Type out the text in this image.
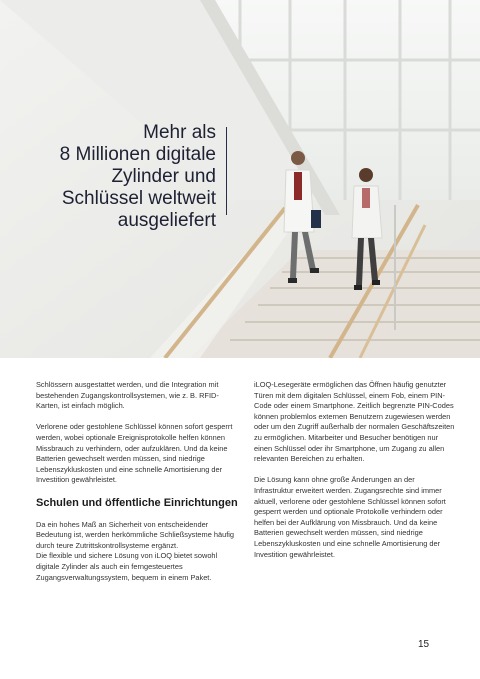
Mehr als
8 Millionen digitale
Zylinder und
Schlüssel weltweit
ausgeliefert

Schlössern ausgestattet werden, und die Integration mit bestehenden Zugangskontrollsystemen, wie z. B. RFID-Karten, ist einfach möglich.

Verlorene oder gestohlene Schlüssel können sofort gesperrt werden, wobei optionale Ereignisprotokolle helfen können Missbrauch zu verhindern, oder aufzuklären. Und da keine Batterien gewechselt werden müssen, sind niedrige Lebenszykluskosten und eine schnelle Amortisierung der Investition gewährleistet.

Schulen und öffentliche Einrichtungen

Da ein hohes Maß an Sicherheit von entscheidender Bedeutung ist, werden herkömmliche Schließsysteme häufig durch teure Zutrittskontrollsysteme ergänzt.

Die flexible und sichere Lösung von iLOQ bietet sowohl digitale Zylinder als auch ein ferngesteuertes Zugangsverwaltungssystem, bequem in einem Paket.

iLOQ-Lesegeräte ermöglichen das Öffnen häufig genutzter Türen mit dem digitalen Schlüssel, einem Fob, einem PIN-Code oder einem Smartphone. Zeitlich begrenzte PIN-Codes können problemlos externen Benutzern zugewiesen werden oder um den Zugriff außerhalb der normalen Geschäftszeiten zu ermöglichen. Mitarbeiter und Besucher benötigen nur einen Schlüssel oder ihr Smartphone, um Zugang zu allen relevanten Bereichen zu erhalten.

Die Lösung kann ohne große Änderungen an der Infrastruktur erweitert werden. Zugangsrechte sind immer aktuell, verlorene oder gestohlene Schlüssel können sofort gesperrt werden und optionale Protokolle verhindern oder helfen bei der Aufklärung von Missbrauch. Und da keine Batterien gewechselt werden müssen, sind niedrige Lebenszykluskosten und eine schnelle Amortisierung der Investition gewährleistet.

15
